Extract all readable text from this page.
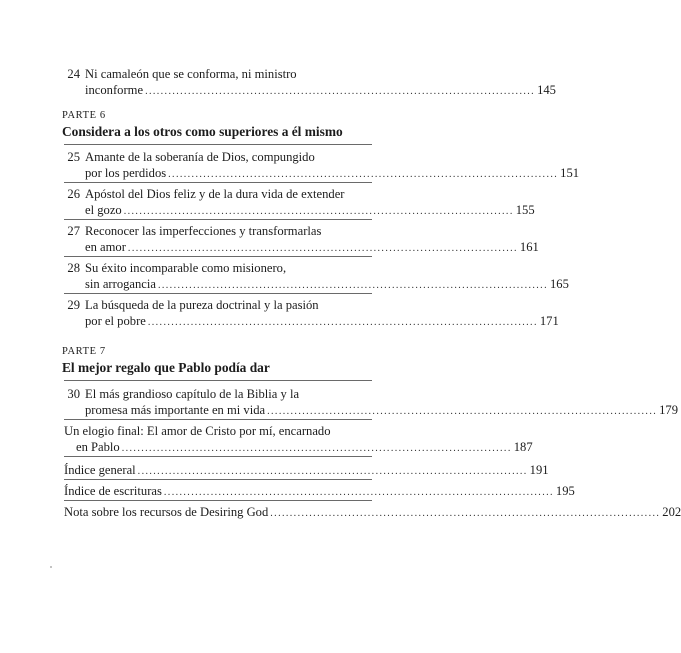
24 Ni camaleón que se conforma, ni ministro
inconforme .................................................................................................... 145
PARTE 6
Considera a los otros como superiores a él mismo
25 Amante de la soberanía de Dios, compungido
por los perdidos .................................................................................................... 151
26 Apóstol del Dios feliz y de la dura vida de extender
el gozo .................................................................................................... 155
27 Reconocer las imperfecciones y transformarlas
en amor .................................................................................................... 161
28 Su éxito incomparable como misionero,
sin arrogancia .................................................................................................... 165
29 La búsqueda de la pureza doctrinal y la pasión
por el pobre .................................................................................................... 171
PARTE 7
El mejor regalo que Pablo podía dar
30 El más grandioso capítulo de la Biblia y la
promesa más importante en mi vida .................................................................................................... 179
Un elogio final: El amor de Cristo por mí, encarnado
en Pablo .................................................................................................... 187
Índice general .................................................................................................... 191
Índice de escrituras .................................................................................................... 195
Nota sobre los recursos de Desiring God .................................................................................................... 202
